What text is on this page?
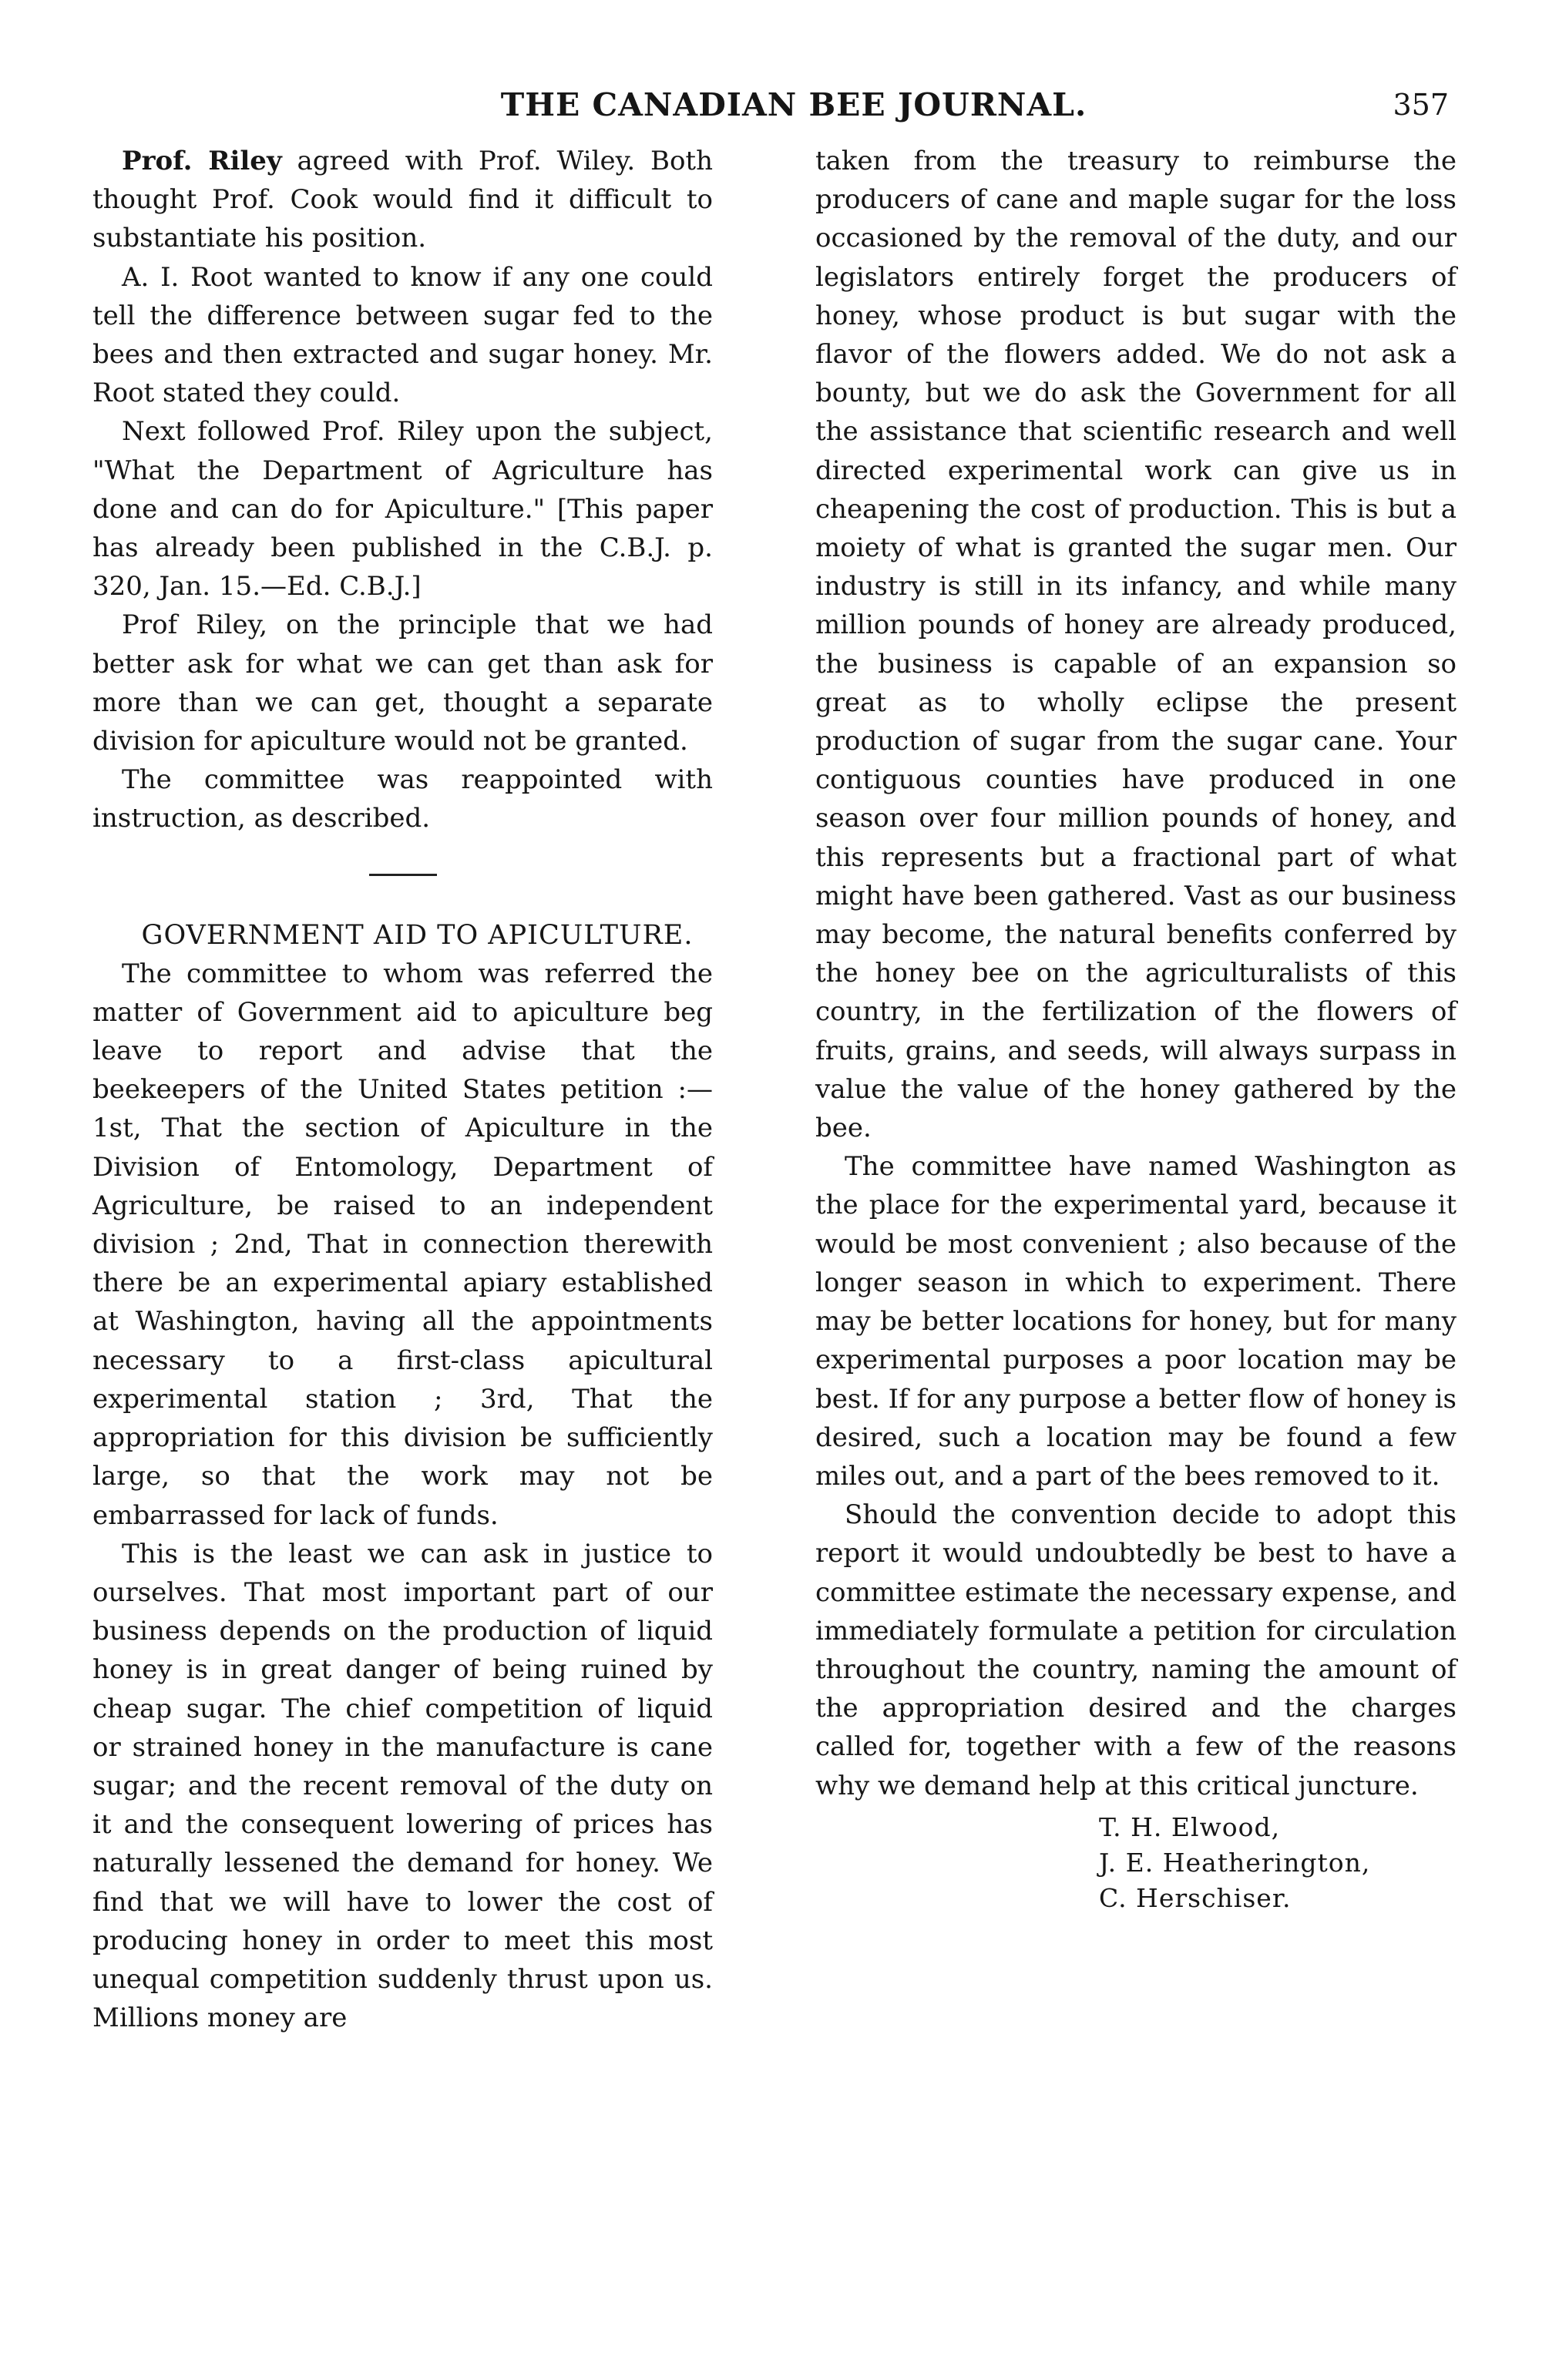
THE CANADIAN BEE JOURNAL.	357

Prof. Riley agreed with Prof. Wiley. Both thought Prof. Cook would find it difficult to substantiate his position.

A. I. Root wanted to know if any one could tell the difference between sugar fed to the bees and then extracted and sugar honey. Mr. Root stated they could.

Next followed Prof. Riley upon the subject, "What the Department of Agriculture has done and can do for Apiculture." [This paper has already been published in the C.B.J. p. 320, Jan. 15.—Ed. C.B.J.]

Prof Riley, on the principle that we had better ask for what we can get than ask for more than we can get, thought a separate division for apiculture would not be granted.

The committee was reappointed with instruction, as described.

GOVERNMENT AID TO APICULTURE.

The committee to whom was referred the matter of Government aid to apiculture beg leave to report and advise that the beekeepers of the United States petition :— 1st, That the section of Apiculture in the Division of Entomology, Department of Agriculture, be raised to an independent division ; 2nd, That in connection therewith there be an experimental apiary established at Washington, having all the appointments necessary to a first-class apicultural experimental station ; 3rd, That the appropriation for this division be sufficiently large, so that the work may not be embarrassed for lack of funds.

This is the least we can ask in justice to ourselves. That most important part of our business depends on the production of liquid honey is in great danger of being ruined by cheap sugar. The chief competition of liquid or strained honey in the manufacture is cane sugar; and the recent removal of the duty on it and the consequent lowering of prices has naturally lessened the demand for honey. We find that we will have to lower the cost of producing honey in order to meet this most unequal competition suddenly thrust upon us. Millions money are

taken from the treasury to reimburse the producers of cane and maple sugar for the loss occasioned by the removal of the duty, and our legislators entirely forget the producers of honey, whose product is but sugar with the flavor of the flowers added. We do not ask a bounty, but we do ask the Government for all the assistance that scientific research and well directed experimental work can give us in cheapening the cost of production. This is but a moiety of what is granted the sugar men. Our industry is still in its infancy, and while many million pounds of honey are already produced, the business is capable of an expansion so great as to wholly eclipse the present production of sugar from the sugar cane. Your contiguous counties have produced in one season over four million pounds of honey, and this represents but a fractional part of what might have been gathered. Vast as our business may become, the natural benefits conferred by the honey bee on the agriculturalists of this country, in the fertilization of the flowers of fruits, grains, and seeds, will always surpass in value the value of the honey gathered by the bee.

The committee have named Washington as the place for the experimental yard, because it would be most convenient ; also because of the longer season in which to experiment. There may be better locations for honey, but for many experimental purposes a poor location may be best. If for any purpose a better flow of honey is desired, such a location may be found a few miles out, and a part of the bees removed to it.

Should the convention decide to adopt this report it would undoubtedly be best to have a committee estimate the necessary expense, and immediately formulate a petition for circulation throughout the country, naming the amount of the appropriation desired and the charges called for, together with a few of the reasons why we demand help at this critical juncture.

T. H. Elwood,
J. E. Heatherington,
C. Herschiser.
